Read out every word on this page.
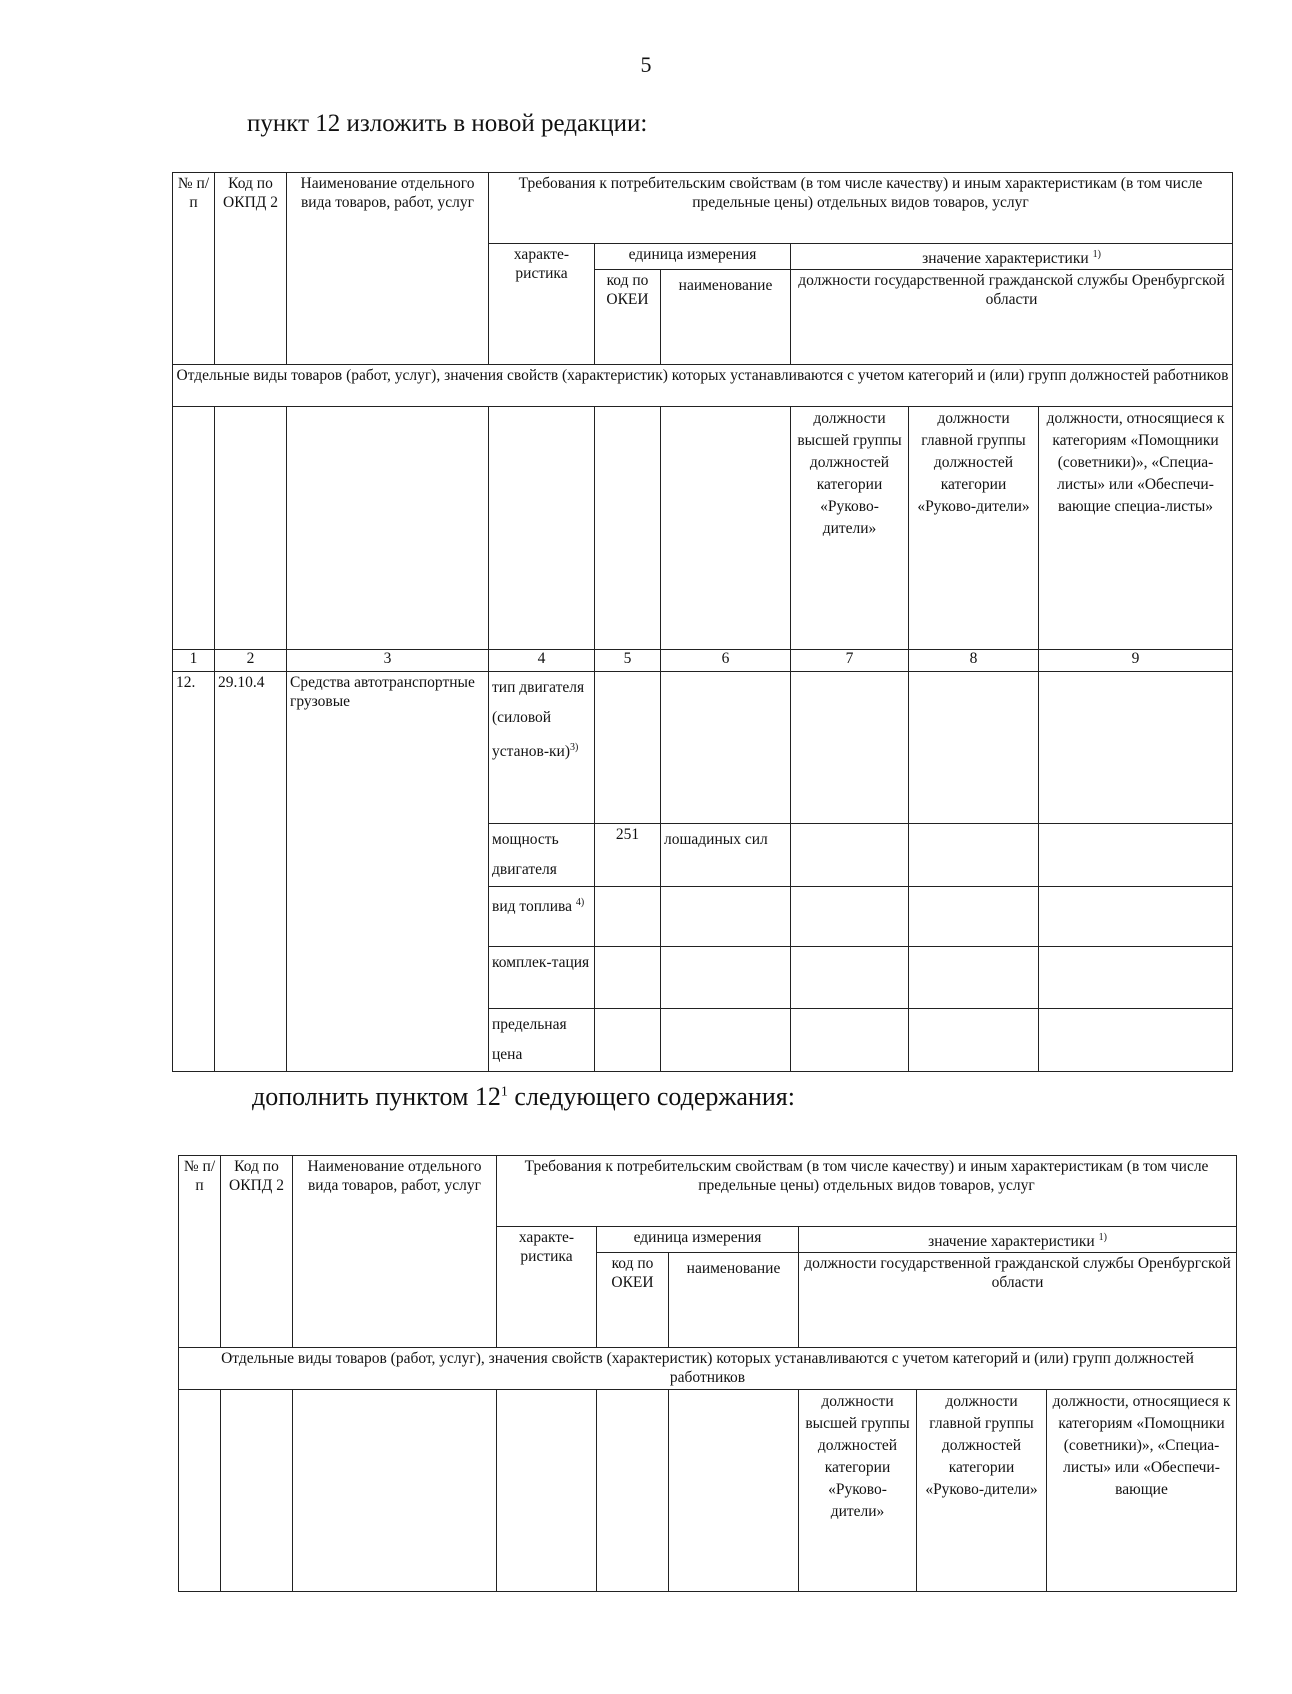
5
пункт 12 изложить в новой редакции:
№ п/п	Код по ОКПД 2	Наименование отдельного вида товаров, работ, услуг	Требования к потребительским свойствам (в том числе качеству) и иным характеристикам (в том числе предельные цены) отдельных видов товаров, услуг					
			характе-ристика	единица измерения		значение характеристики $^{1)}$
				код по ОКЕИ	наименование	должности государственной гражданской службы Оренбургской области		
Отдельные виды товаров (работ, услуг), значения свойств (характеристик) которых устанавливаются с учетом категорий и (или) групп должностей работников								
						должности высшей группы должностей категории «Руково-дители»	должности главной группы должностей категории «Руково-дители»	должности, относящиеся к категориям «Помощники (советники)», «Специа-листы» или «Обеспечи-вающие специа-листы»
1	2	3	4	5	6	7	8	9
12.	29.10.4	Средства автотранспортные грузовые	тип двигателя (силовой установ-ки)$^{3)}$					
			мощность двигателя	251	лошадиных сил			
			вид топлива $^{4)}$					
			комплек-тация					
			предельная цена					
дополнить пунктом $12^1$ следующего содержания:
№ п/п	Код по ОКПД 2	Наименование отдельного вида товаров, работ, услуг	Требования к потребительским свойствам (в том числе качеству) и иным характеристикам (в том числе предельные цены) отдельных видов товаров, услуг					
			характе-ристика	единица измерения		значение характеристики $^{1)}$
				код по ОКЕИ	наименование	должности государственной гражданской службы Оренбургской области		
Отдельные виды товаров (работ, услуг), значения свойств (характеристик) которых устанавливаются с учетом категорий и (или) групп должностей работников								
						должности высшей группы должностей категории «Руково-дители»	должности главной группы должностей категории «Руково-дители»	должности, относящиеся к категориям «Помощники (советники)», «Специа-листы» или «Обеспечи-вающие
